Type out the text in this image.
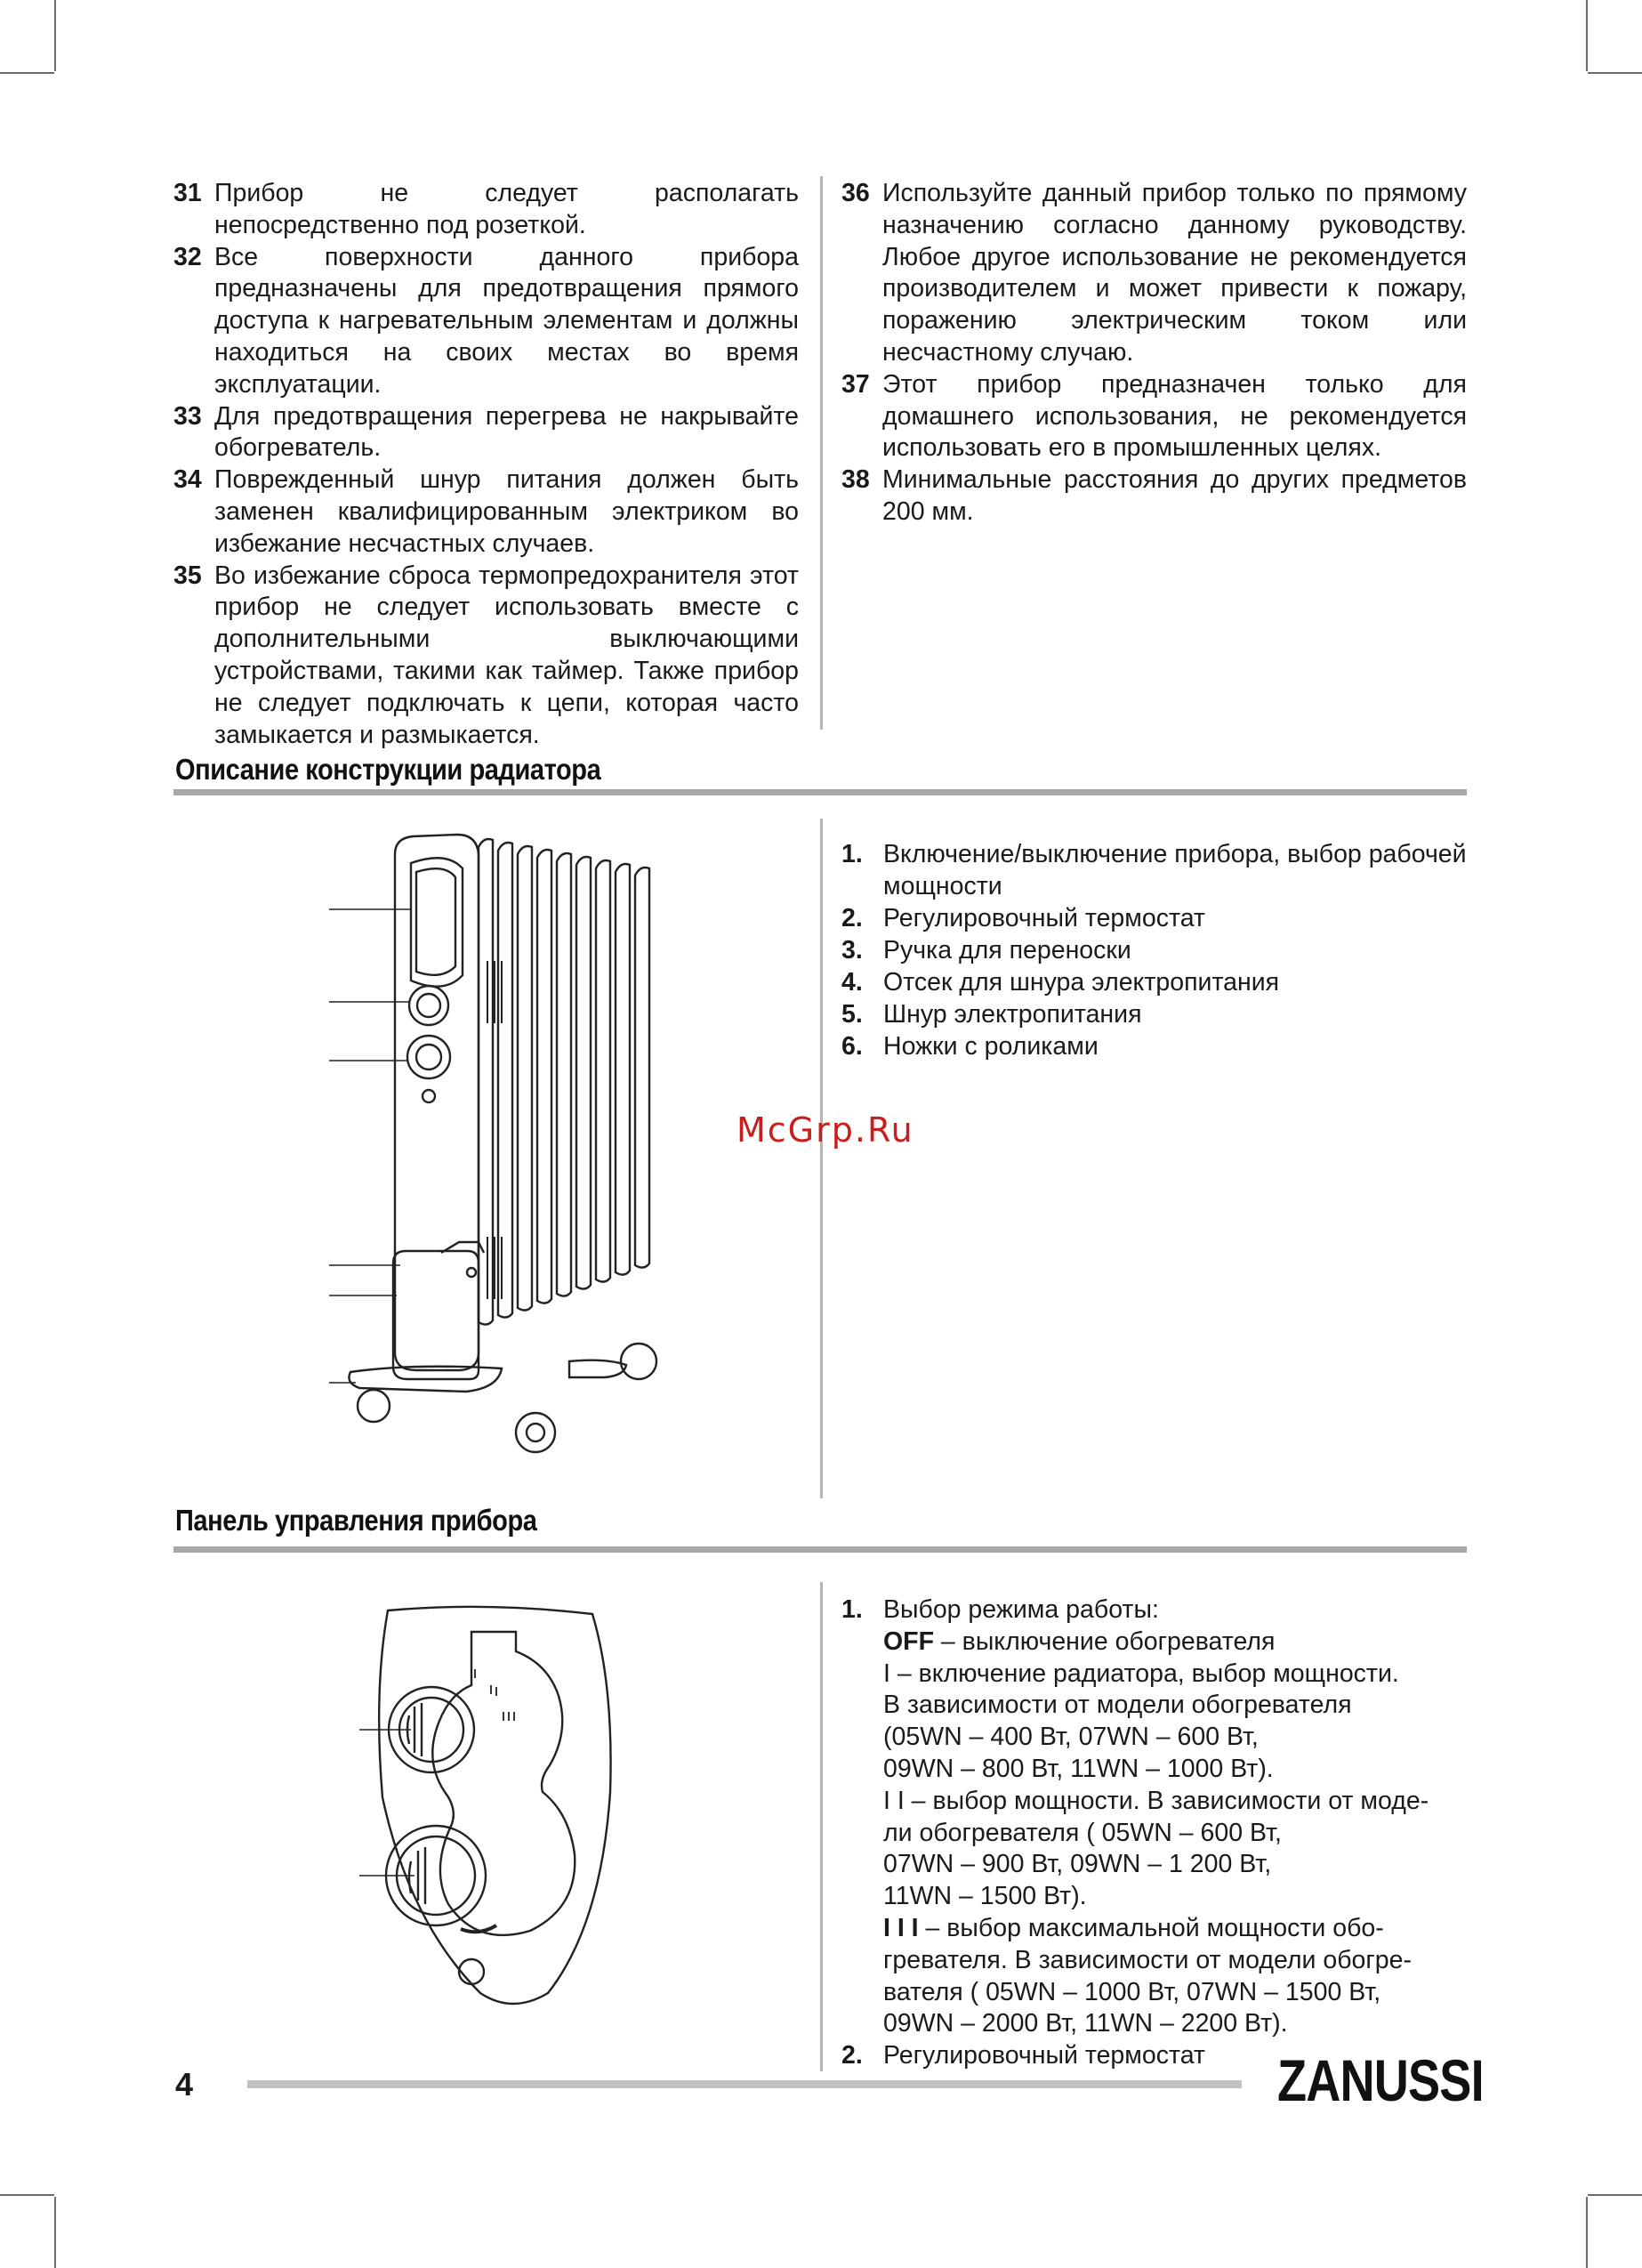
31 Прибор не следует располагать непосредственно под розеткой.
32 Все поверхности данного прибора предназначены для предотвращения прямого доступа к нагревательным элементам и должны находиться на своих местах во время эксплуатации.
33 Для предотвращения перегрева не накрывайте обогреватель.
34 Поврежденный шнур питания должен быть заменен квалифицированным электриком во избежание несчастных случаев.
35 Во избежание сброса термопредохранителя этот прибор не следует использовать вместе с дополнительными выключающими устройствами, такими как таймер. Также прибор не следует подключать к цепи, которая часто замыкается и размыкается.
36 Используйте данный прибор только по прямому назначению согласно данному руководству. Любое другое использование не рекомендуется производителем и может привести к пожару, поражению электрическим током или несчастному случаю.
37 Этот прибор предназначен только для домашнего использования, не рекомендуется использовать его в промышленных целях.
38 Минимальные расстояния до других предметов 200 мм.
Описание конструкции радиатора
1. Включение/выключение прибора, выбор рабочей мощности
2. Регулировочный термостат
3. Ручка для переноски
4. Отсек для шнура электропитания
5. Шнур электропитания
6. Ножки с роликами
McGrp.Ru
Панель управления прибора
1. Выбор режима работы:
OFF – выключение обогревателя
I – включение радиатора, выбор мощности.
В зависимости от модели обогревателя
(05WN – 400 Вт, 07WN – 600 Вт,
09WN – 800 Вт, 11WN – 1000 Вт).
I I – выбор мощности. В зависимости от моде-
ли обогревателя ( 05WN – 600 Вт,
07WN – 900 Вт, 09WN – 1 200 Вт,
11WN – 1500 Вт).
I I I – выбор максимальной мощности обо-
гревателя. В зависимости от модели обогре-
вателя ( 05WN – 1000 Вт, 07WN – 1500 Вт,
09WN – 2000 Вт, 11WN – 2200 Вт).
2. Регулировочный термостат
4	ZANUSSI
